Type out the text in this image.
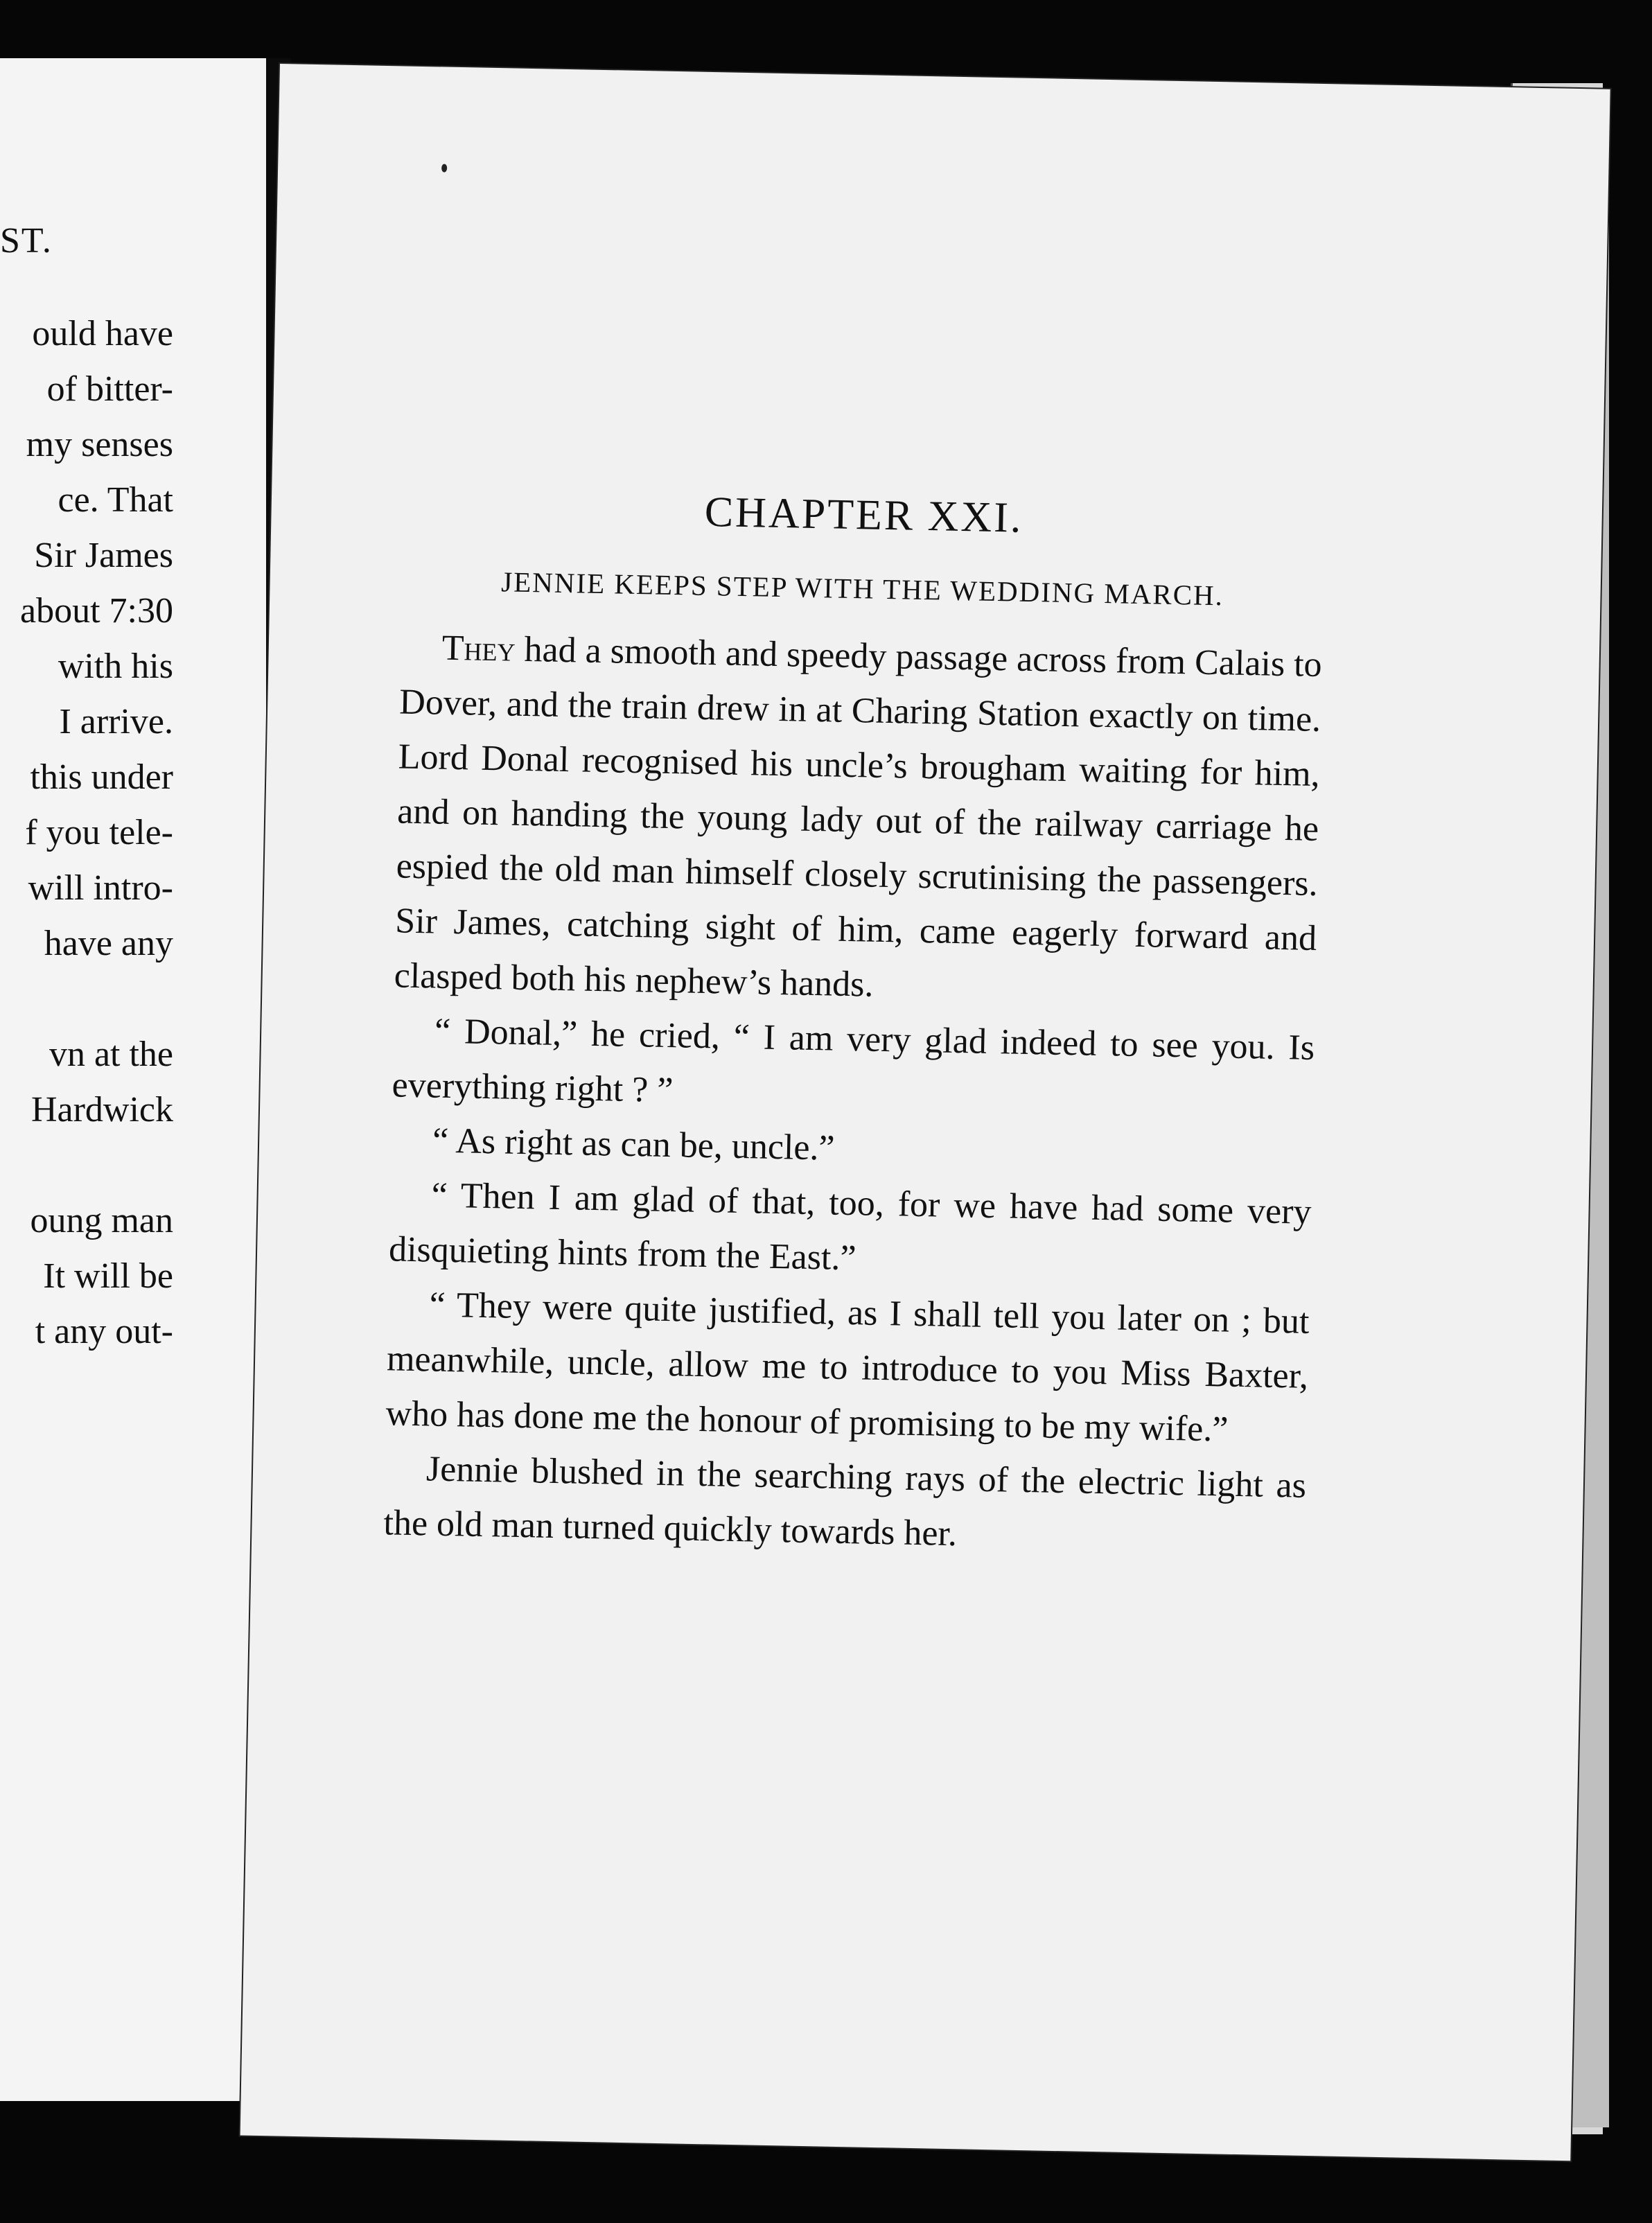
ST.
ould have
of bitter-
my senses
ce. That
Sir James
about 7:30
with his
I arrive.
this under
f you tele-
will intro-
have any
vn at the
Hardwick
oung man
It will be
t any out-
CHAPTER XXI.
JENNIE KEEPS STEP WITH THE WEDDING MARCH.

They had a smooth and speedy passage across from Calais to Dover, and the train drew in at Charing Station exactly on time. Lord Donal recognised his uncle’s brougham waiting for him, and on handing the young lady out of the railway carriage he espied the old man himself closely scrutinising the passengers. Sir James, catching sight of him, came eagerly forward and clasped both his nephew’s hands.

“ Donal,” he cried, “ I am very glad indeed to see you. Is everything right ? ”

“ As right as can be, uncle.”

“ Then I am glad of that, too, for we have had some very disquieting hints from the East.”

“ They were quite justified, as I shall tell you later on ; but meanwhile, uncle, allow me to introduce to you Miss Baxter, who has done me the honour of promising to be my wife.”

Jennie blushed in the searching rays of the electric light as the old man turned quickly towards her.
